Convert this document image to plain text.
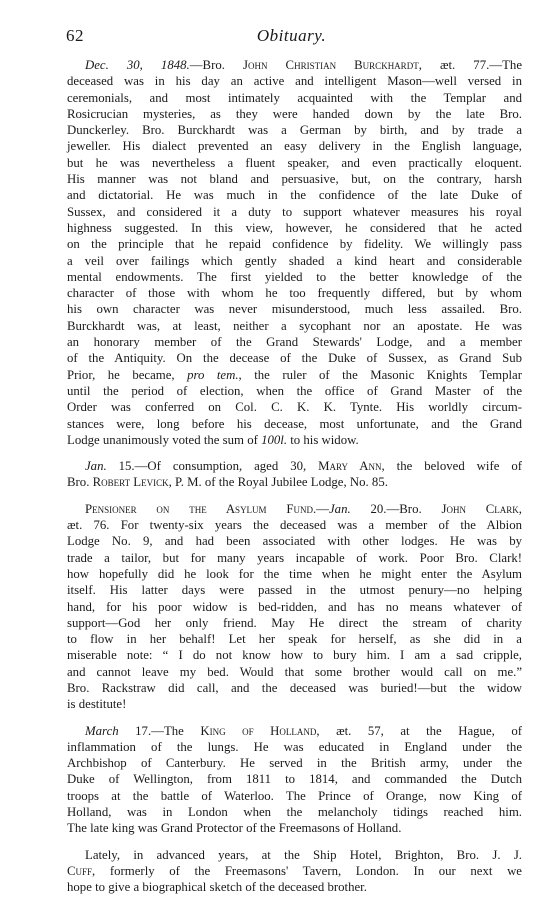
62	Obituary.
Dec. 30, 1848.—Bro. John Christian Burckhardt, æt. 77.—The
deceased was in his day an active and intelligent Mason—well versed in
ceremonials, and most intimately acquainted with the Templar and
Rosicrucian mysteries, as they were handed down by the late Bro.
Dunckerley. Bro. Burckhardt was a German by birth, and by trade a
jeweller. His dialect prevented an easy delivery in the English language,
but he was nevertheless a fluent speaker, and even practically eloquent.
His manner was not bland and persuasive, but, on the contrary, harsh
and dictatorial. He was much in the confidence of the late Duke of
Sussex, and considered it a duty to support whatever measures his royal
highness suggested. In this view, however, he considered that he acted
on the principle that he repaid confidence by fidelity. We willingly pass
a veil over failings which gently shaded a kind heart and considerable
mental endowments. The first yielded to the better knowledge of the
character of those with whom he too frequently differed, but by whom
his own character was never misunderstood, much less assailed. Bro.
Burckhardt was, at least, neither a sycophant nor an apostate. He was
an honorary member of the Grand Stewards' Lodge, and a member
of the Antiquity. On the decease of the Duke of Sussex, as Grand Sub
Prior, he became, pro tem., the ruler of the Masonic Knights Templar
until the period of election, when the office of Grand Master of the
Order was conferred on Col. C. K. K. Tynte. His worldly circum-
stances were, long before his decease, most unfortunate, and the Grand
Lodge unanimously voted the sum of 100l. to his widow.
Jan. 15.—Of consumption, aged 30, Mary Ann, the beloved wife of
Bro. Robert Levick, P. M. of the Royal Jubilee Lodge, No. 85.
Pensioner on the Asylum Fund.—Jan. 20.—Bro. John Clark,
æt. 76. For twenty-six years the deceased was a member of the Albion
Lodge No. 9, and had been associated with other lodges. He was by
trade a tailor, but for many years incapable of work. Poor Bro. Clark!
how hopefully did he look for the time when he might enter the Asylum
itself. His latter days were passed in the utmost penury—no helping
hand, for his poor widow is bed-ridden, and has no means whatever of
support—God her only friend. May He direct the stream of charity
to flow in her behalf! Let her speak for herself, as she did in a
miserable note: “ I do not know how to bury him. I am a sad cripple,
and cannot leave my bed. Would that some brother would call on me.”
Bro. Rackstraw did call, and the deceased was buried!—but the widow
is destitute!
March 17.—The King of Holland, æt. 57, at the Hague, of
inflammation of the lungs. He was educated in England under the
Archbishop of Canterbury. He served in the British army, under the
Duke of Wellington, from 1811 to 1814, and commanded the Dutch
troops at the battle of Waterloo. The Prince of Orange, now King of
Holland, was in London when the melancholy tidings reached him.
The late king was Grand Protector of the Freemasons of Holland.
Lately, in advanced years, at the Ship Hotel, Brighton, Bro. J. J.
Cuff, formerly of the Freemasons' Tavern, London. In our next we
hope to give a biographical sketch of the deceased brother.
